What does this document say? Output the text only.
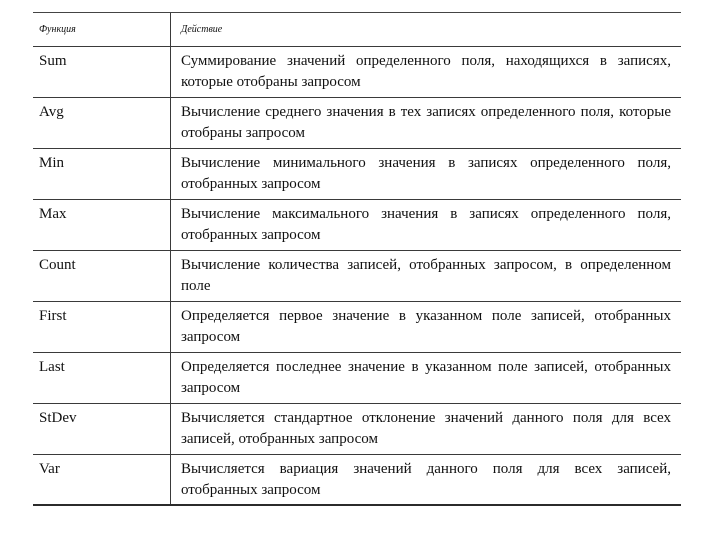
Функция	Действие
Sum	Суммирование значений определенного поля, находящихся в записях, которые отобраны запросом
Avg	Вычисление среднего значения в тех записях определенного поля, которые отобраны запросом
Min	Вычисление минимального значения в записях определенного поля, отобранных запросом
Max	Вычисление максимального значения в записях определенного поля, отобранных запросом
Count	Вычисление количества записей, отобранных запросом, в определенном поле
First	Определяется первое значение в указанном поле записей, отобранных запросом
Last	Определяется последнее значение в указанном поле записей, отобранных запросом
StDev	Вычисляется стандартное отклонение значений данного поля для всех записей, отобранных запросом
Var	Вычисляется вариация значений данного поля для всех записей, отобранных запросом
